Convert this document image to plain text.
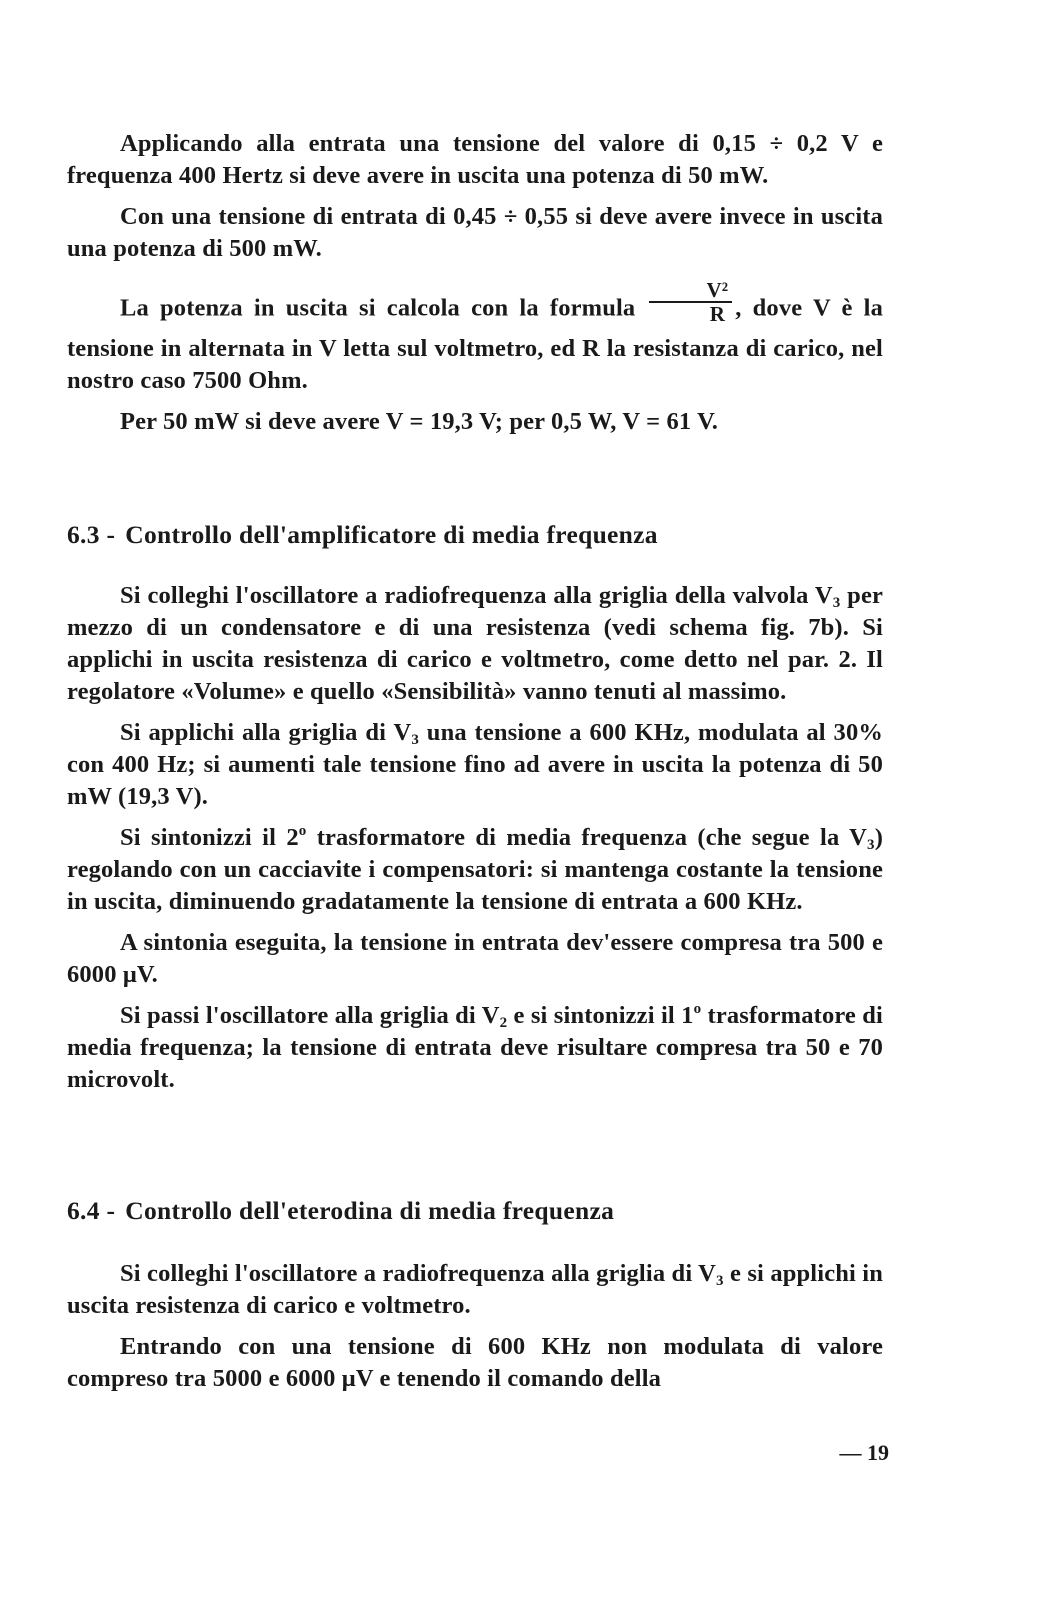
Applicando alla entrata una tensione del valore di 0,15 ÷ 0,2 V e frequenza 400 Hertz si deve avere in uscita una potenza di 50 mW.

Con una tensione di entrata di 0,45 ÷ 0,55 si deve avere invece in uscita una potenza di 500 mW.

La potenza in uscita si calcola con la formula $\frac{\text{V²}}{R}$ , dove V è la tensione in alternata in V letta sul voltmetro, ed R la resistanza di carico, nel nostro caso 7500 Ohm.

Per 50 mW si deve avere V = 19,3 V; per 0,5 W, V = 61 V.

6.3 - Controllo dell'amplificatore di media frequenza

Si colleghi l'oscillatore a radiofrequenza alla griglia della valvola $V_3$ per mezzo di un condensatore e di una resistenza (vedi schema fig. 7b). Si applichi in uscita resistenza di carico e voltmetro, come detto nel par. 2. Il regolatore «Volume» e quello «Sensibilità» vanno tenuti al massimo.

Si applichi alla griglia di $V_3$ una tensione a 600 KHz, modulata al 30% con 400 Hz; si aumenti tale tensione fino ad avere in uscita la potenza di 50 mW (19,3 V).

Si sintonizzi il 2$^o$ trasformatore di media frequenza (che segue la $V_3$) regolando con un cacciavite i compensatori: si mantenga costante la tensione in uscita, diminuendo gradatamente la tensione di entrata a 600 KHz.

A sintonia eseguita, la tensione in entrata dev'essere compresa tra 500 e 6000 μV.

Si passi l'oscillatore alla griglia di $V_2$ e si sintonizzi il 1$^o$ trasformatore di media frequenza; la tensione di entrata deve risultare compresa tra 50 e 70 microvolt.

6.4 - Controllo dell'eterodina di media frequenza

Si colleghi l'oscillatore a radiofrequenza alla griglia di $V_3$ e si applichi in uscita resistenza di carico e voltmetro.

Entrando con una tensione di 600 KHz non modulata di valore compreso tra 5000 e 6000 μV e tenendo il comando della

— 19
